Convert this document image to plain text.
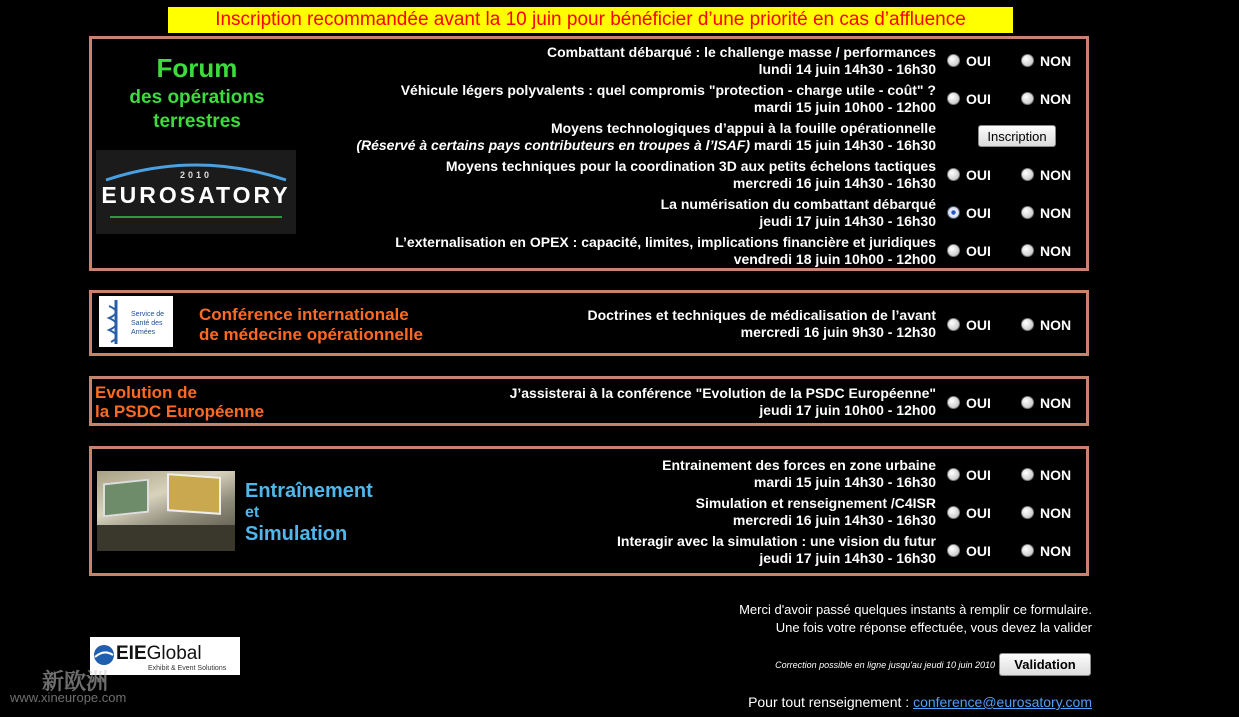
Inscription recommandée avant la 10 juin pour bénéficier d’une priorité en cas d’affluence
Forum
des opérations
terrestres
2010
EUROSATORY
Combattant débarqué : le challenge masse / performances
lundi 14 juin 14h30 - 16h30	OUI	NON
Véhicule légers polyvalents : quel compromis "protection - charge utile - coût" ?
mardi 15 juin 10h00 - 12h00	OUI	NON
Moyens technologiques d’appui à la fouille opérationnelle
(Réservé à certains pays contributeurs en troupes à l’ISAF) mardi 15 juin 14h30 - 16h30
Inscription
Moyens techniques pour la coordination 3D aux petits échelons tactiques
mercredi 16 juin 14h30 - 16h30	OUI	NON
La numérisation du combattant débarqué
jeudi 17 juin 14h30 - 16h30	OUI	NON
L’externalisation en OPEX : capacité, limites, implications financière et juridiques
vendredi 18 juin 10h00 - 12h00	OUI	NON
Service de Santé des Armées
Conférence internationale
de médecine opérationnelle
Doctrines et techniques de médicalisation de l’avant
mercredi 16 juin 9h30 - 12h30	OUI	NON
Evolution de
la PSDC Européenne
J’assisterai à la conférence "Evolution de la PSDC Européenne"
jeudi 17 juin 10h00 - 12h00	OUI	NON
Entraînement
et
Simulation
Entrainement des forces en zone urbaine
mardi 15 juin 14h30 - 16h30	OUI	NON
Simulation et renseignement /C4ISR
mercredi 16 juin 14h30 - 16h30	OUI	NON
Interagir avec la simulation : une vision du futur
jeudi 17 juin 14h30 - 16h30	OUI	NON
Merci d'avoir passé quelques instants à remplir ce formulaire.
Une fois votre réponse effectuée, vous devez la valider
EIEGlobal
Exhibit & Event Solutions
新欧洲
www.xineurope.com
Correction possible en ligne jusqu'au jeudi 10 juin 2010	Validation
Pour tout renseignement : conference@eurosatory.com
